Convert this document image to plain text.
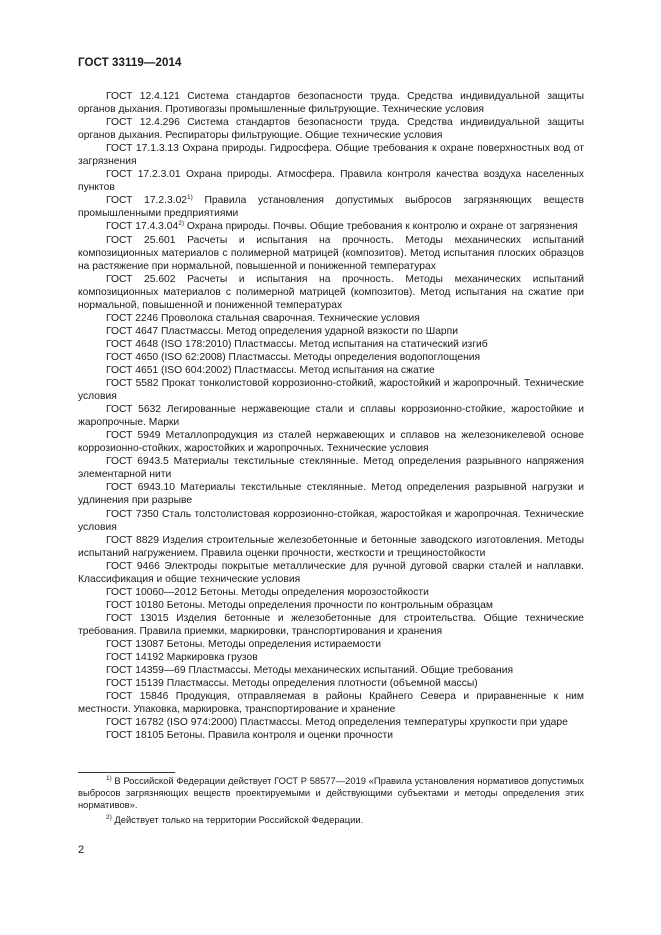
ГОСТ 33119—2014

ГОСТ 12.4.121 Система стандартов безопасности труда. Средства индивидуальной защиты органов дыхания. Противогазы промышленные фильтрующие. Технические условия

ГОСТ 12.4.296 Система стандартов безопасности труда. Средства индивидуальной защиты органов дыхания. Респираторы фильтрующие. Общие технические условия

ГОСТ 17.1.3.13 Охрана природы. Гидросфера. Общие требования к охране поверхностных вод от загрязнения

ГОСТ 17.2.3.01 Охрана природы. Атмосфера. Правила контроля качества воздуха населенных пунктов

ГОСТ 17.2.3.02$^{1)}$ Правила установления допустимых выбросов загрязняющих веществ промышленными предприятиями

ГОСТ 17.4.3.04$^{2)}$ Охрана природы. Почвы. Общие требования к контролю и охране от загрязнения

ГОСТ 25.601 Расчеты и испытания на прочность. Методы механических испытаний композиционных материалов с полимерной матрицей (композитов). Метод испытания плоских образцов на растяжение при нормальной, повышенной и пониженной температурах

ГОСТ 25.602 Расчеты и испытания на прочность. Методы механических испытаний композиционных материалов с полимерной матрицей (композитов). Метод испытания на сжатие при нормальной, повышенной и пониженной температурах

ГОСТ 2246 Проволока стальная сварочная. Технические условия

ГОСТ 4647 Пластмассы. Метод определения ударной вязкости по Шарпи

ГОСТ 4648 (ISO 178:2010) Пластмассы. Метод испытания на статический изгиб

ГОСТ 4650 (ISO 62:2008) Пластмассы. Методы определения водопоглощения

ГОСТ 4651 (ISO 604:2002) Пластмассы. Метод испытания на сжатие

ГОСТ 5582 Прокат тонколистовой коррозионно-стойкий, жаростойкий и жаропрочный. Технические условия

ГОСТ 5632 Легированные нержавеющие стали и сплавы коррозионно-стойкие, жаростойкие и жаропрочные. Марки

ГОСТ 5949 Металлопродукция из сталей нержавеющих и сплавов на железоникелевой основе коррозионно-стойких, жаростойких и жаропрочных. Технические условия

ГОСТ 6943.5 Материалы текстильные стеклянные. Метод определения разрывного напряжения элементарной нити

ГОСТ 6943.10 Материалы текстильные стеклянные. Метод определения разрывной нагрузки и удлинения при разрыве

ГОСТ 7350 Сталь толстолистовая коррозионно-стойкая, жаростойкая и жаропрочная. Технические условия

ГОСТ 8829 Изделия строительные железобетонные и бетонные заводского изготовления. Методы испытаний нагружением. Правила оценки прочности, жесткости и трещиностойкости

ГОСТ 9466 Электроды покрытые металлические для ручной дуговой сварки сталей и наплавки. Классификация и общие технические условия

ГОСТ 10060—2012 Бетоны. Методы определения морозостойкости

ГОСТ 10180 Бетоны. Методы определения прочности по контрольным образцам

ГОСТ 13015 Изделия бетонные и железобетонные для строительства. Общие технические требования. Правила приемки, маркировки, транспортирования и хранения

ГОСТ 13087 Бетоны. Методы определения истираемости

ГОСТ 14192 Маркировка грузов

ГОСТ 14359—69 Пластмассы. Методы механических испытаний. Общие требования

ГОСТ 15139 Пластмассы. Методы определения плотности (объемной массы)

ГОСТ 15846 Продукция, отправляемая в районы Крайнего Севера и приравненные к ним местности. Упаковка, маркировка, транспортирование и хранение

ГОСТ 16782 (ISO 974:2000) Пластмассы. Метод определения температуры хрупкости при ударе

ГОСТ 18105 Бетоны. Правила контроля и оценки прочности

$^{1)}$ В Российской Федерации действует ГОСТ Р 58577—2019 «Правила установления нормативов допустимых выбросов загрязняющих веществ проектируемыми и действующими субъектами и методы определения этих нормативов».

$^{2)}$ Действует только на территории Российской Федерации.

2
